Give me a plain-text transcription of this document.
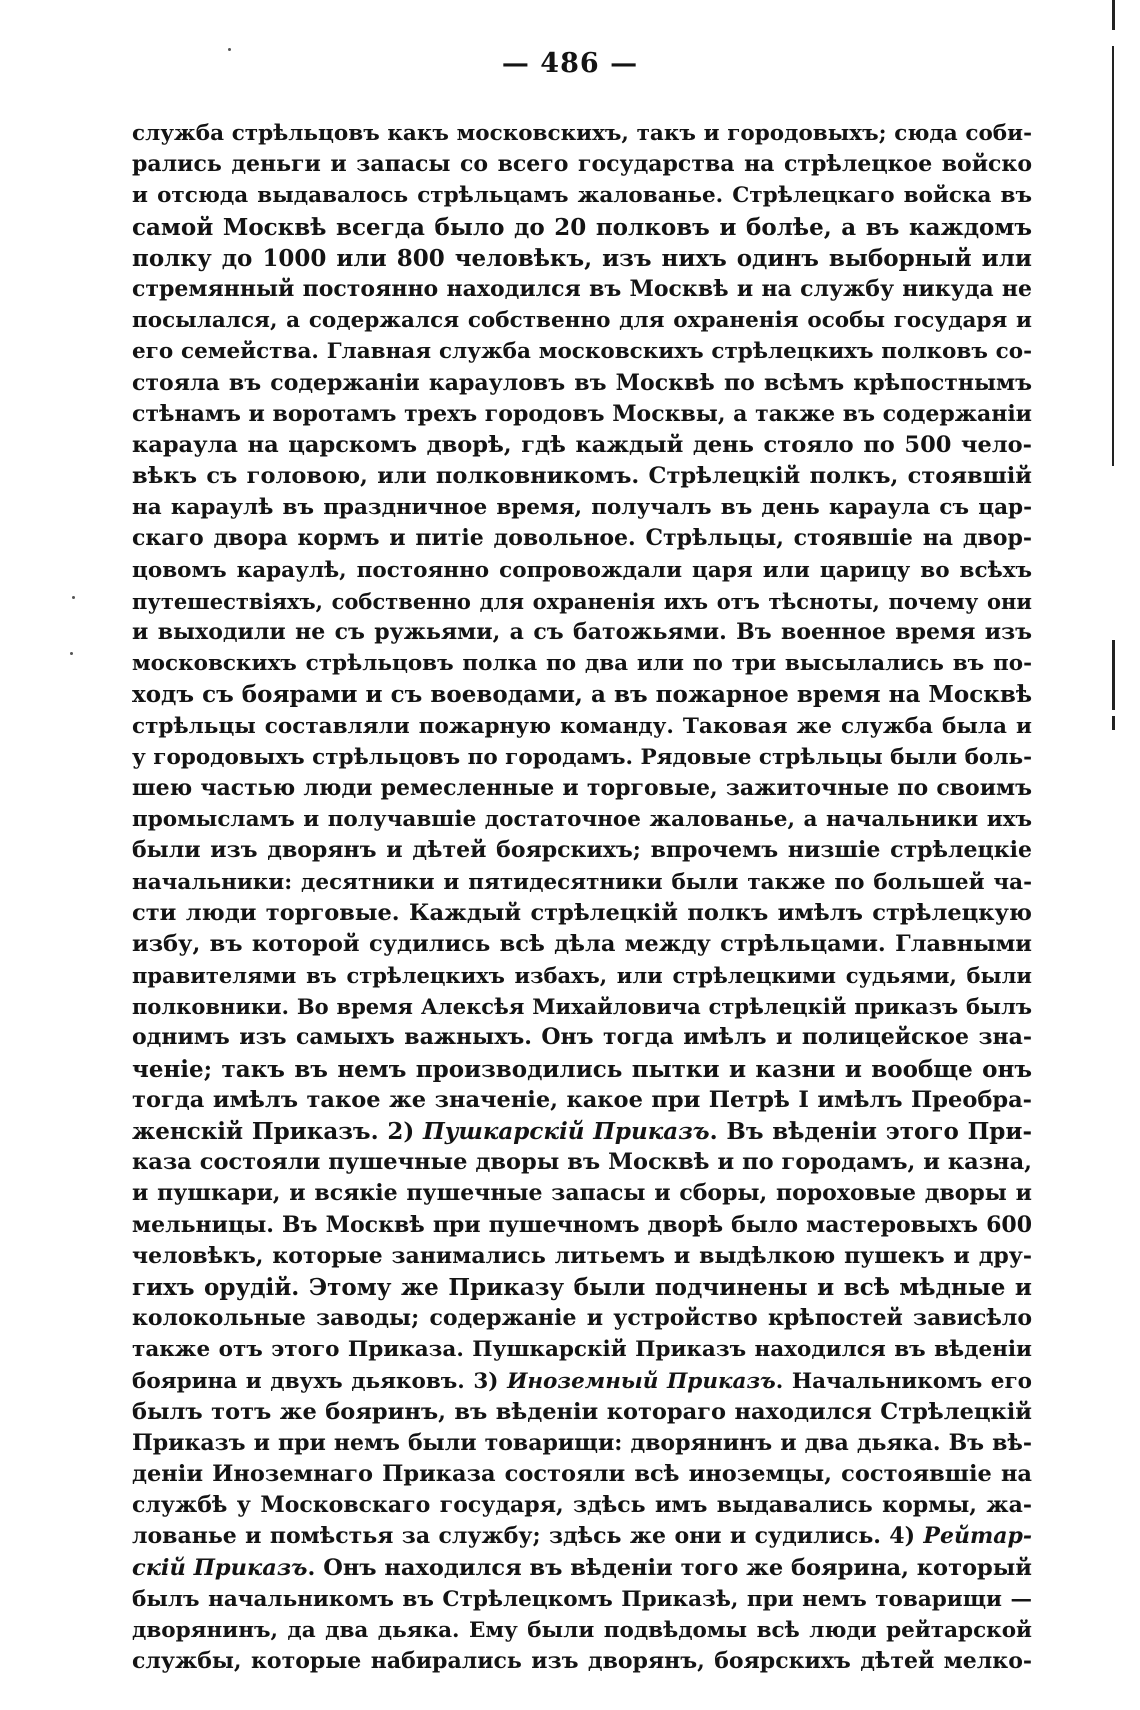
— 486 —
служба стрѣльцовъ какъ московскихъ, такъ и городовыхъ; сюда соби-
рались деньги и запасы со всего государства на стрѣлецкое войско
и отсюда выдавалось стрѣльцамъ жалованье. Стрѣлецкаго войска въ
самой Москвѣ всегда было до 20 полковъ и болѣе, а въ каждомъ
полку до 1000 или 800 человѣкъ, изъ нихъ одинъ выборный или
стремянный постоянно находился въ Москвѣ и на службу никуда не
посылался, а содержался собственно для охраненія особы государя и
его семейства. Главная служба московскихъ стрѣлецкихъ полковъ со-
стояла въ содержаніи карауловъ въ Москвѣ по всѣмъ крѣпостнымъ
стѣнамъ и воротамъ трехъ городовъ Москвы, а также въ содержаніи
караула на царскомъ дворѣ, гдѣ каждый день стояло по 500 чело-
вѣкъ съ головою, или полковникомъ. Стрѣлецкій полкъ, стоявшій
на караулѣ въ праздничное время, получалъ въ день караула съ цар-
скаго двора кормъ и питіе довольное. Стрѣльцы, стоявшіе на двор-
цовомъ караулѣ, постоянно сопровождали царя или царицу во всѣхъ
путешествіяхъ, собственно для охраненія ихъ отъ тѣсноты, почему они
и выходили не съ ружьями, а съ батожьями. Въ военное время изъ
московскихъ стрѣльцовъ полка по два или по три высылались въ по-
ходъ съ боярами и съ воеводами, а въ пожарное время на Москвѣ
стрѣльцы составляли пожарную команду. Таковая же служба была и
у городовыхъ стрѣльцовъ по городамъ. Рядовые стрѣльцы были боль-
шею частью люди ремесленные и торговые, зажиточные по своимъ
промысламъ и получавшіе достаточное жалованье, а начальники ихъ
были изъ дворянъ и дѣтей боярскихъ; впрочемъ низшіе стрѣлецкіе
начальники: десятники и пятидесятники были также по большей ча-
сти люди торговые. Каждый стрѣлецкій полкъ имѣлъ стрѣлецкую
избу, въ которой судились всѣ дѣла между стрѣльцами. Главными
правителями въ стрѣлецкихъ избахъ, или стрѣлецкими судьями, были
полковники. Во время Алексѣя Михайловича стрѣлецкій приказъ былъ
однимъ изъ самыхъ важныхъ. Онъ тогда имѣлъ и полицейское зна-
ченіе; такъ въ немъ производились пытки и казни и вообще онъ
тогда имѣлъ такое же значеніе, какое при Петрѣ I имѣлъ Преобра-
женскій Приказъ. 2) Пушкарскій Приказъ. Въ вѣденіи этого При-
каза состояли пушечные дворы въ Москвѣ и по городамъ, и казна,
и пушкари, и всякіе пушечные запасы и сборы, пороховые дворы и
мельницы. Въ Москвѣ при пушечномъ дворѣ было мастеровыхъ 600
человѣкъ, которые занимались литьемъ и выдѣлкою пушекъ и дру-
гихъ орудій. Этому же Приказу были подчинены и всѣ мѣдные и
колокольные заводы; содержаніе и устройство крѣпостей зависѣло
также отъ этого Приказа. Пушкарскій Приказъ находился въ вѣденіи
боярина и двухъ дьяковъ. 3) Иноземный Приказъ. Начальникомъ его
былъ тотъ же бояринъ, въ вѣденіи котораго находился Стрѣлецкій
Приказъ и при немъ были товарищи: дворянинъ и два дьяка. Въ вѣ-
деніи Иноземнаго Приказа состояли всѣ иноземцы, состоявшіе на
службѣ у Московскаго государя, здѣсь имъ выдавались кормы, жа-
лованье и помѣстья за службу; здѣсь же они и судились. 4) Рейтар-
скій Приказъ. Онъ находился въ вѣденіи того же боярина, который
былъ начальникомъ въ Стрѣлецкомъ Приказѣ, при немъ товарищи —
дворянинъ, да два дьяка. Ему были подвѣдомы всѣ люди рейтарской
службы, которые набирались изъ дворянъ, боярскихъ дѣтей мелко-
